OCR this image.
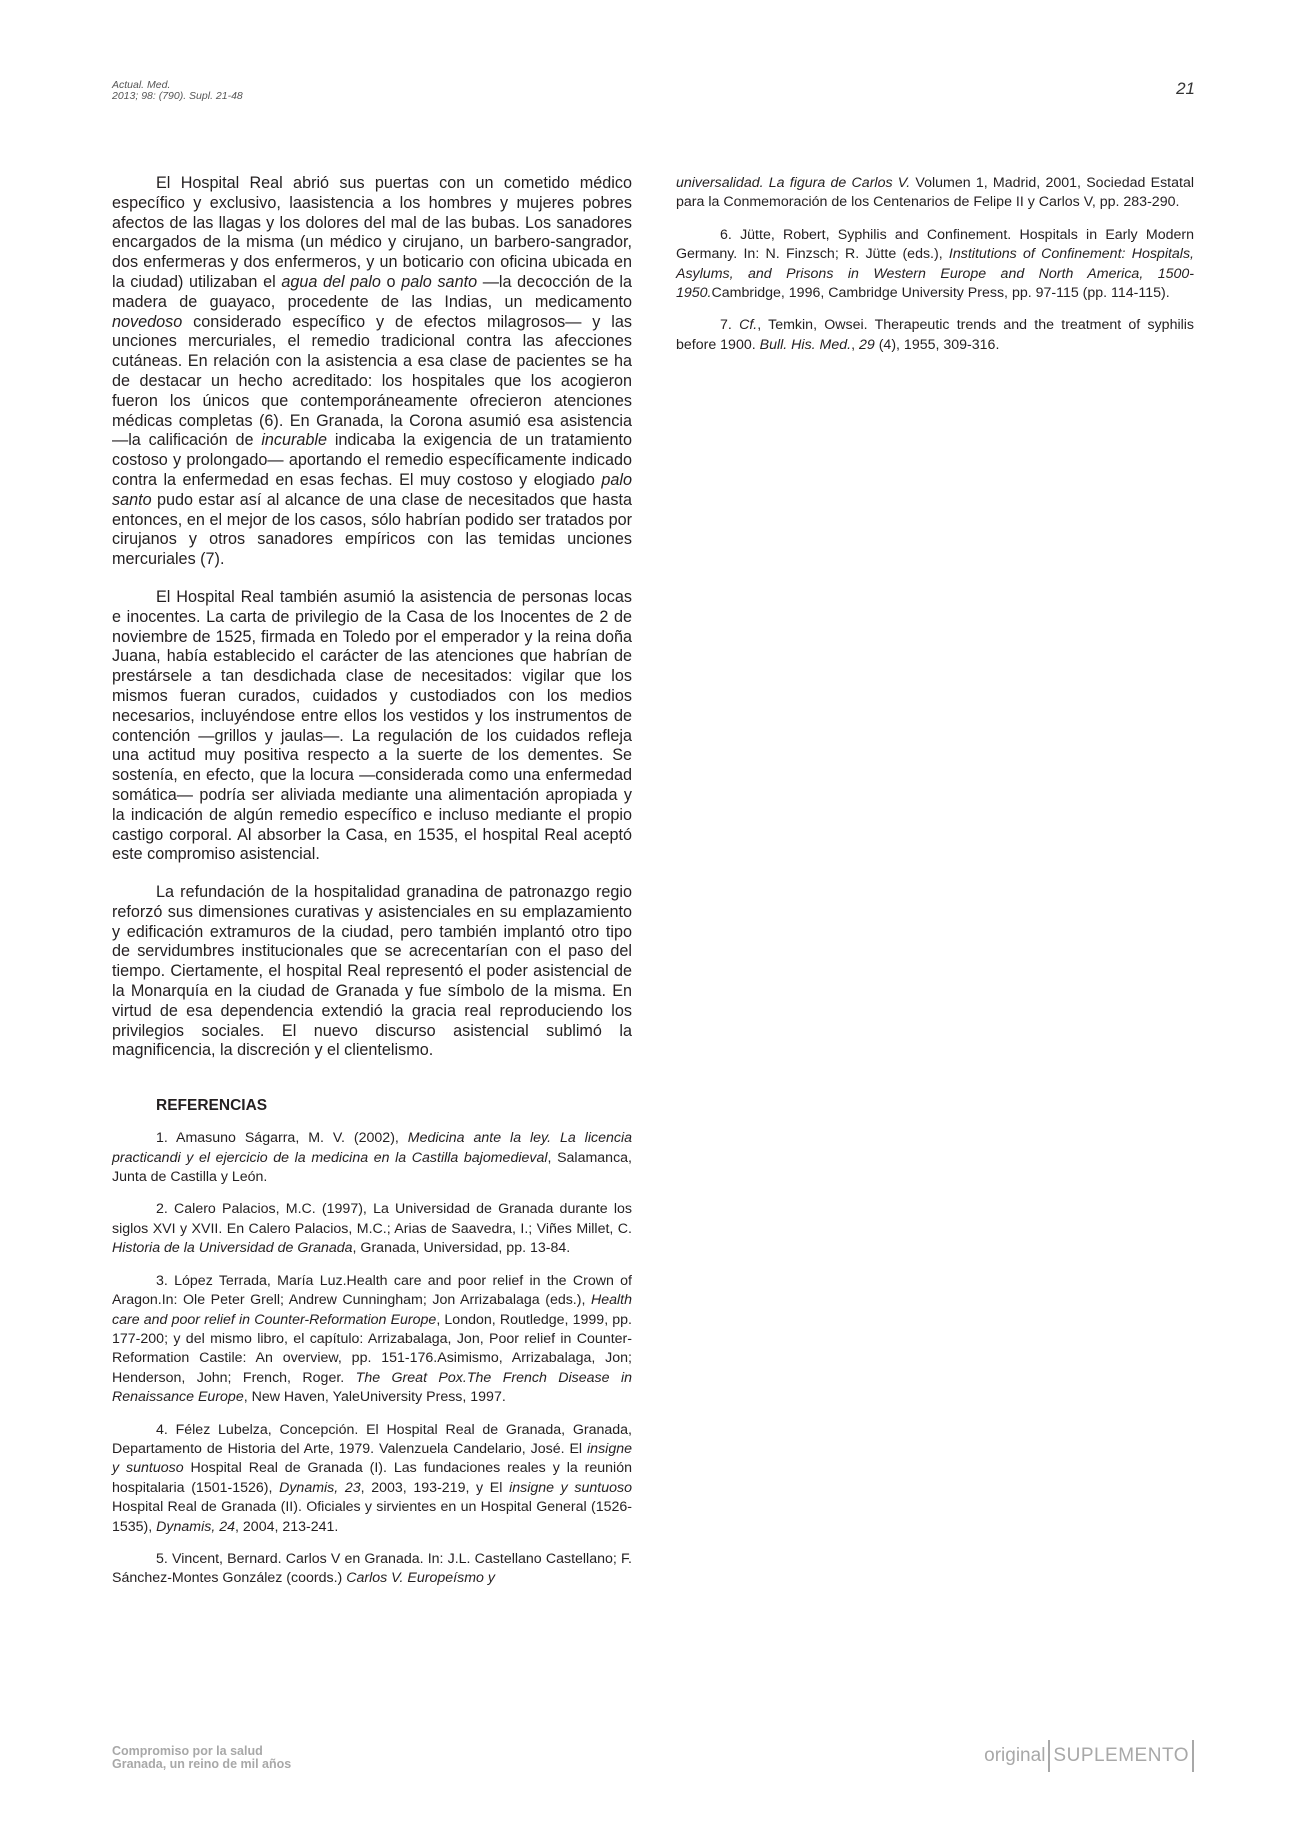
Actual. Med.
2013; 98: (790). Supl. 21-48	21

El Hospital Real abrió sus puertas con un cometido médico específico y exclusivo, laasistencia a los hombres y mujeres pobres afectos de las llagas y los dolores del mal de las bubas. Los sanadores encargados de la misma (un médico y cirujano, un barbero-sangrador, dos enfermeras y dos enfermeros, y un boticario con oficina ubicada en la ciudad) utilizaban el agua del palo o palo santo —la decocción de la madera de guayaco, procedente de las Indias, un medicamento novedoso considerado específico y de efectos milagrosos— y las unciones mercuriales, el remedio tradicional contra las afecciones cutáneas. En relación con la asistencia a esa clase de pacientes se ha de destacar un hecho acreditado: los hospitales que los acogieron fueron los únicos que contemporáneamente ofrecieron atenciones médicas completas (6). En Granada, la Corona asumió esa asistencia —la calificación de incurable indicaba la exigencia de un tratamiento costoso y prolongado— aportando el remedio específicamente indicado contra la enfermedad en esas fechas. El muy costoso y elogiado palo santo pudo estar así al alcance de una clase de necesitados que hasta entonces, en el mejor de los casos, sólo habrían podido ser tratados por cirujanos y otros sanadores empíricos con las temidas unciones mercuriales (7).

El Hospital Real también asumió la asistencia de personas locas e inocentes. La carta de privilegio de la Casa de los Inocentes de 2 de noviembre de 1525, firmada en Toledo por el emperador y la reina doña Juana, había establecido el carácter de las atenciones que habrían de prestársele a tan desdichada clase de necesitados: vigilar que los mismos fueran curados, cuidados y custodiados con los medios necesarios, incluyéndose entre ellos los vestidos y los instrumentos de contención —grillos y jaulas—. La regulación de los cuidados refleja una actitud muy positiva respecto a la suerte de los dementes. Se sostenía, en efecto, que la locura —considerada como una enfermedad somática— podría ser aliviada mediante una alimentación apropiada y la indicación de algún remedio específico e incluso mediante el propio castigo corporal. Al absorber la Casa, en 1535, el hospital Real aceptó este compromiso asistencial.

La refundación de la hospitalidad granadina de patronazgo regio reforzó sus dimensiones curativas y asistenciales en su emplazamiento y edificación extramuros de la ciudad, pero también implantó otro tipo de servidumbres institucionales que se acrecentarían con el paso del tiempo. Ciertamente, el hospital Real representó el poder asistencial de la Monarquía en la ciudad de Granada y fue símbolo de la misma. En virtud de esa dependencia extendió la gracia real reproduciendo los privilegios sociales. El nuevo discurso asistencial sublimó la magnificencia, la discreción y el clientelismo.

REFERENCIAS

1. Amasuno Ságarra, M. V. (2002), Medicina ante la ley. La licencia practicandi y el ejercicio de la medicina en la Castilla bajomedieval, Salamanca, Junta de Castilla y León.

2. Calero Palacios, M.C. (1997), La Universidad de Granada durante los siglos XVI y XVII. En Calero Palacios, M.C.; Arias de Saavedra, I.; Viñes Millet, C. Historia de la Universidad de Granada, Granada, Universidad, pp. 13-84.

3. López Terrada, María Luz.Health care and poor relief in the Crown of Aragon.In: Ole Peter Grell; Andrew Cunningham; Jon Arrizabalaga (eds.), Health care and poor relief in Counter-Reformation Europe, London, Routledge, 1999, pp. 177-200; y del mismo libro, el capítulo: Arrizabalaga, Jon, Poor relief in Counter-Reformation Castile: An overview, pp. 151-176.Asimismo, Arrizabalaga, Jon; Henderson, John; French, Roger. The Great Pox.The French Disease in Renaissance Europe, New Haven, YaleUniversity Press, 1997.

4. Félez Lubelza, Concepción. El Hospital Real de Granada, Granada, Departamento de Historia del Arte, 1979. Valenzuela Candelario, José. El insigne y suntuoso Hospital Real de Granada (I). Las fundaciones reales y la reunión hospitalaria (1501-1526), Dynamis, 23, 2003, 193-219, y El insigne y suntuoso Hospital Real de Granada (II). Oficiales y sirvientes en un Hospital General (1526-1535), Dynamis, 24, 2004, 213-241.

5. Vincent, Bernard. Carlos V en Granada. In: J.L. Castellano Castellano; F. Sánchez-Montes González (coords.) Carlos V. Europeísmo y

universalidad. La figura de Carlos V. Volumen 1, Madrid, 2001, Sociedad Estatal para la Conmemoración de los Centenarios de Felipe II y Carlos V, pp. 283-290.

6. Jütte, Robert, Syphilis and Confinement. Hospitals in Early Modern Germany. In: N. Finzsch; R. Jütte (eds.), Institutions of Confinement: Hospitals, Asylums, and Prisons in Western Europe and North America, 1500-1950.Cambridge, 1996, Cambridge University Press, pp. 97-115 (pp. 114-115).

7. Cf., Temkin, Owsei. Therapeutic trends and the treatment of syphilis before 1900. Bull. His. Med., 29 (4), 1955, 309-316.

Compromiso por la salud
Granada, un reino de mil años	original SUPLEMENTO
